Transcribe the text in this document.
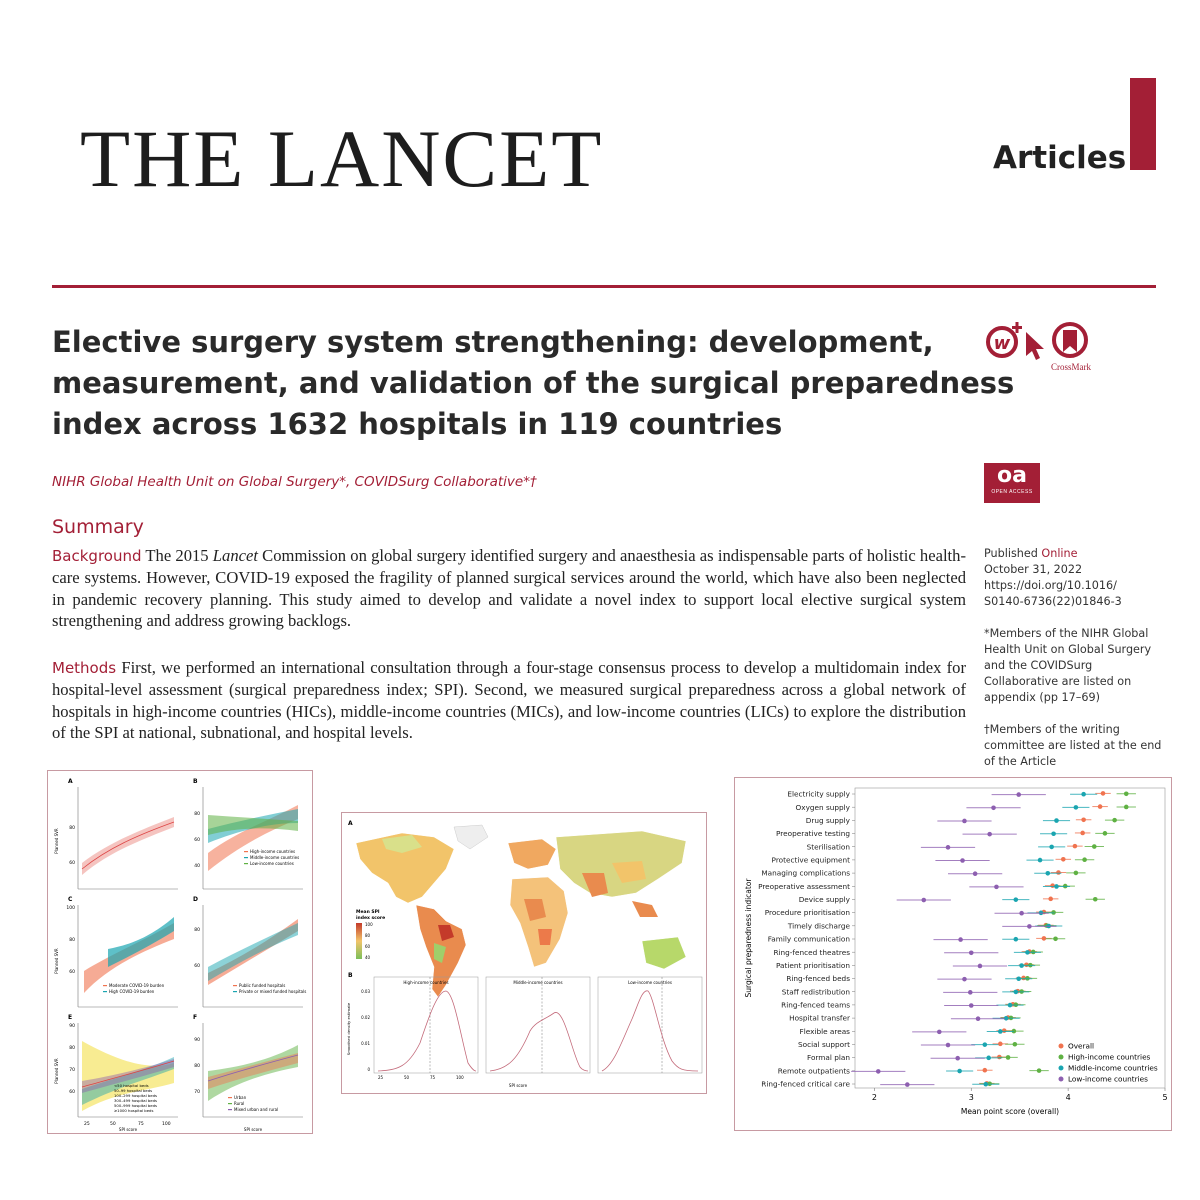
THE LANCET	Articles
Elective surgery system strengthening: development,
measurement, and validation of the surgical preparedness
index across 1632 hospitals in 119 countries
w
CrossMark
oa
OPEN ACCESS
NIHR Global Health Unit on Global Surgery*, COVIDSurg Collaborative*†
Summary
Background The 2015 Lancet Commission on global surgery identified surgery and anaesthesia as indispensable parts of holistic health-care systems. However, COVID-19 exposed the fragility of planned surgical services around the world, which have also been neglected in pandemic recovery planning. This study aimed to develop and validate a novel index to support local elective surgical system strengthening and address growing backlogs.
Methods First, we performed an international consultation through a four-stage consensus process to develop a multidomain index for hospital-level assessment (surgical preparedness index; SPI). Second, we measured surgical preparedness across a global network of hospitals in high-income countries (HICs), middle-income countries (MICs), and low-income countries (LICs) to explore the distribution of the SPI at national, subnational, and hospital levels.
Published Online
October 31, 2022
https://doi.org/10.1016/
S0140-6736(22)01846-3
*Members of the NIHR Global Health Unit on Global Surgery and the COVIDSurg Collaborative are listed on appendix (pp 17–69)
†Members of the writing committee are listed at the end of the Article
A
80
60
Planned SVR
B
80
60
40
High-income countries
Middle-income countries
Low-income countries
C
100
80
60
Planned SVR
Moderate COVID-19 burden
High COVID-19 burden
D
80
60
Public funded hospitals
Private or mixed funded hospitals
E
90
80
70
60
Planned SVR
<50 hospital beds
50–99 hospital beds
100–299 hospital beds
300–499 hospital beds
500–999 hospital beds
≥1000 hospital beds
25	50	75	100
SPI score
F
90
80
70
Urban
Rural
Mixed urban and rural
SPI score
A
Mean SPI
index score
100
80
60
40
B
Smoothed density estimate
0.03
0.02
0.01
0
High-income countries
25	50	75	100
Middle-income countries
SPI score
Low-income countries
Electricity supply
Oxygen supply
Drug supply
Preoperative testing
Sterilisation
Protective equipment
Managing complications
Preoperative assessment
Device supply
Procedure prioritisation
Timely discharge
Family communication
Ring-fenced theatres
Patient prioritisation
Ring-fenced beds
Staff redistribution
Ring-fenced teams
Hospital transfer
Flexible areas
Social support
Formal plan
Remote outpatients
Ring-fenced critical care
2	3	4	5
Mean point score (overall)
Surgical preparedness indicator
Overall
High-income countries
Middle-income countries
Low-income countries
